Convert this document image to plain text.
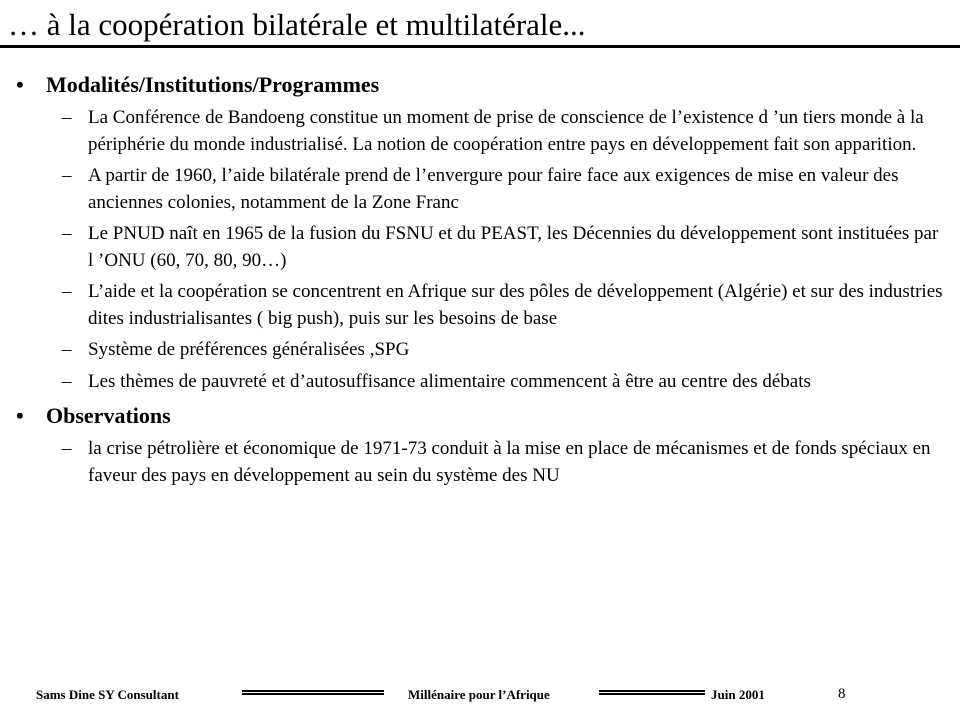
… à la coopération bilatérale et multilatérale...
• Modalités/Institutions/Programmes
– La Conférence de Bandoeng constitue un moment de prise de conscience de l’existence d ’un tiers monde à la périphérie du monde industrialisé. La notion de coopération entre pays en développement fait son apparition.
– A partir de 1960, l’aide bilatérale prend de l’envergure pour faire face aux exigences de mise en valeur des anciennes colonies, notamment de la Zone Franc
– Le PNUD naît en 1965 de la fusion du FSNU et du PEAST, les Décennies du développement sont instituées par l ’ONU (60, 70, 80, 90…)
– L’aide et la coopération se concentrent en Afrique sur des pôles de développement (Algérie) et sur des industries dites industrialisantes ( big push), puis sur les besoins de base
– Système de préférences généralisées ,SPG
– Les thèmes de pauvreté et d’autosuffisance alimentaire commencent à être au centre des débats
• Observations
– la crise pétrolière et économique de 1971-73 conduit à la mise en place de mécanismes et de fonds spéciaux en faveur des pays en développement au sein du système des NU
Sams Dine SY Consultant	Millénaire pour l’Afrique	Juin 2001	8
